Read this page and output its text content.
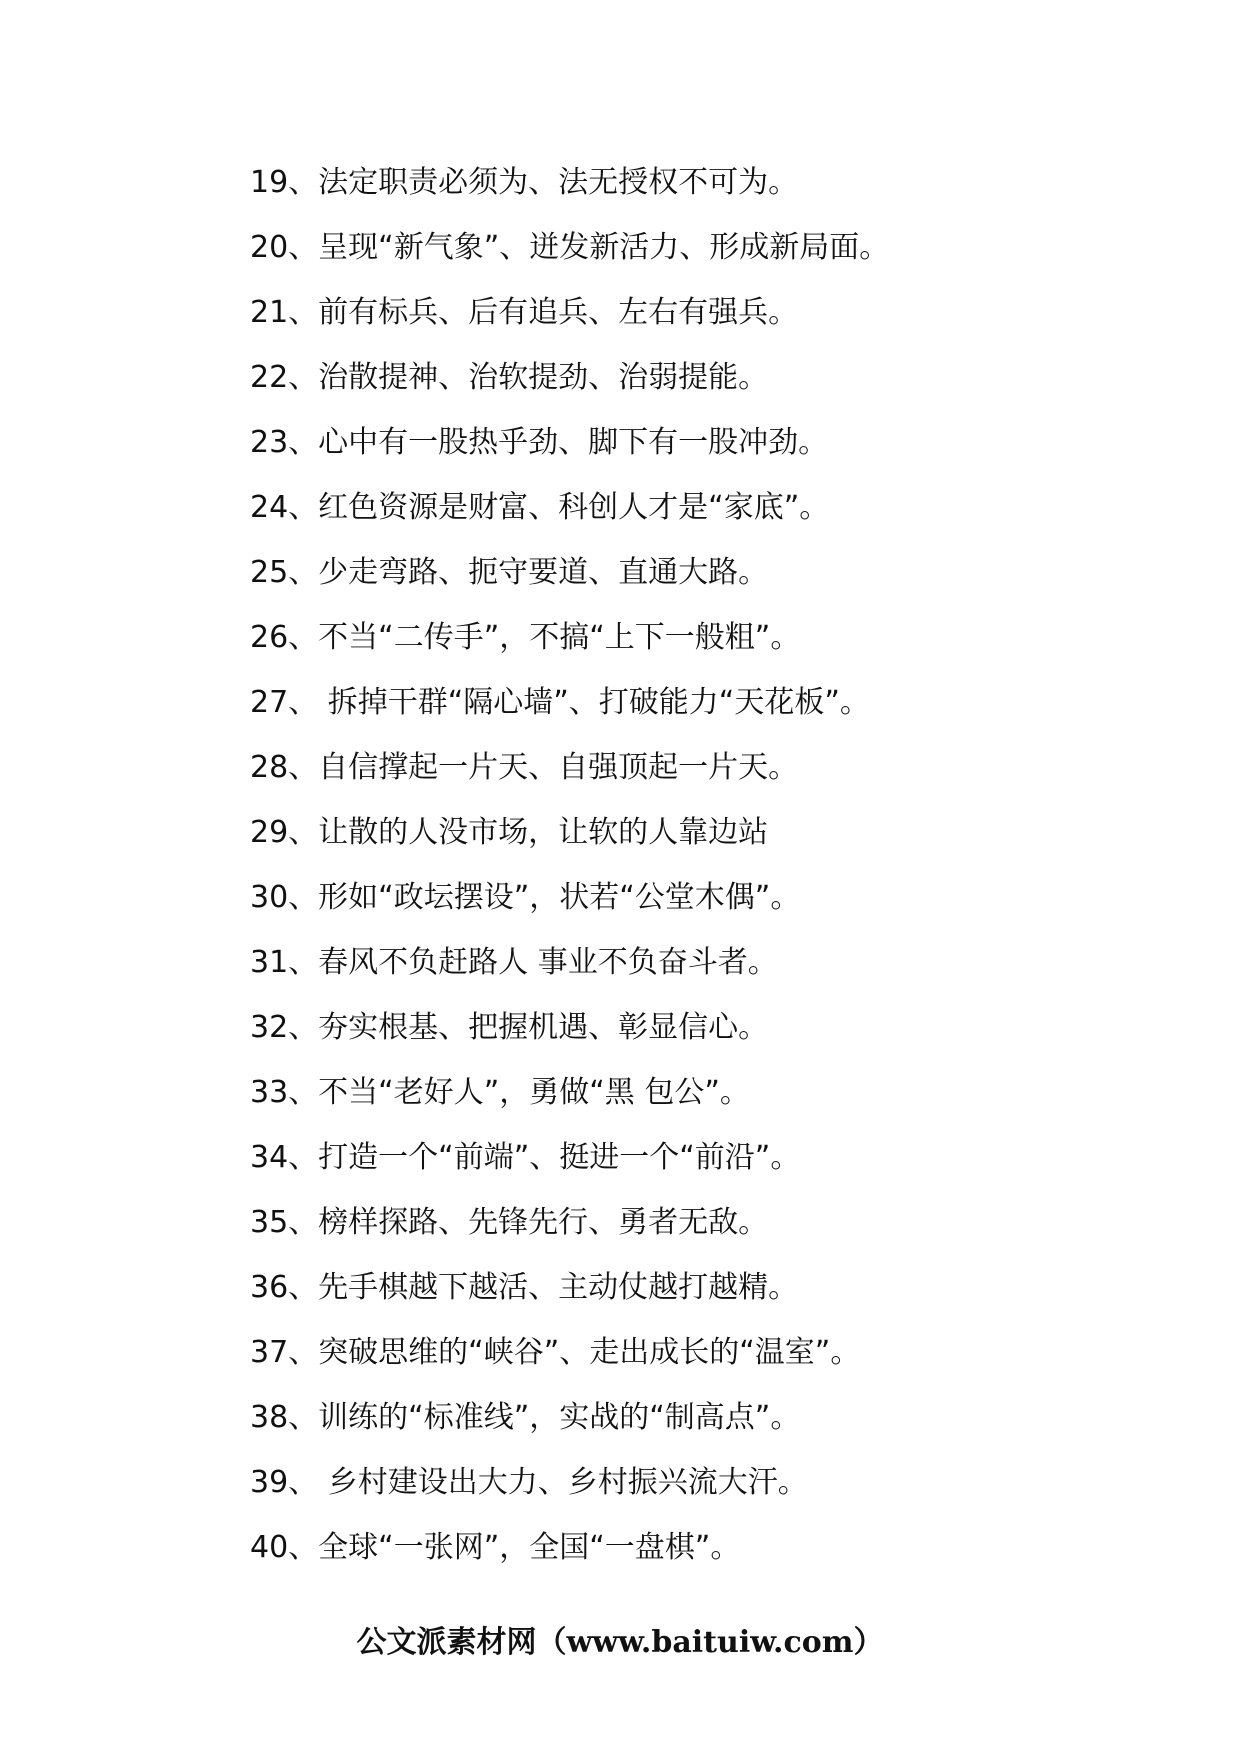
19、法定职责必须为、法无授权不可为。
20、呈现“新气象”、迸发新活力、形成新局面。
21、前有标兵、后有追兵、左右有强兵。
22、治散提神、治软提劲、治弱提能。
23、心中有一股热乎劲、脚下有一股冲劲。
24、红色资源是财富、科创人才是“家底”。
25、少走弯路、扼守要道、直通大路。
26、不当“二传手”，不搞“上下一般粗”。
27、 拆掉干群“隔心墙”、打破能力“天花板”。
28、自信撑起一片天、自强顶起一片天。
29、让散的人没市场，让软的人靠边站
30、形如“政坛摆设”，状若“公堂木偶”。
31、春风不负赶路人 事业不负奋斗者。
32、夯实根基、把握机遇、彰显信心。
33、不当“老好人”，勇做“黑 包公”。
34、打造一个“前端”、挺进一个“前沿”。
35、榜样探路、先锋先行、勇者无敌。
36、先手棋越下越活、主动仗越打越精。
37、突破思维的“峡谷”、走出成长的“温室”。
38、训练的“标准线”，实战的“制高点”。
39、 乡村建设出大力、乡村振兴流大汗。
40、全球“一张网”，全国“一盘棋”。
公文派素材网（www.baituiw.com）
